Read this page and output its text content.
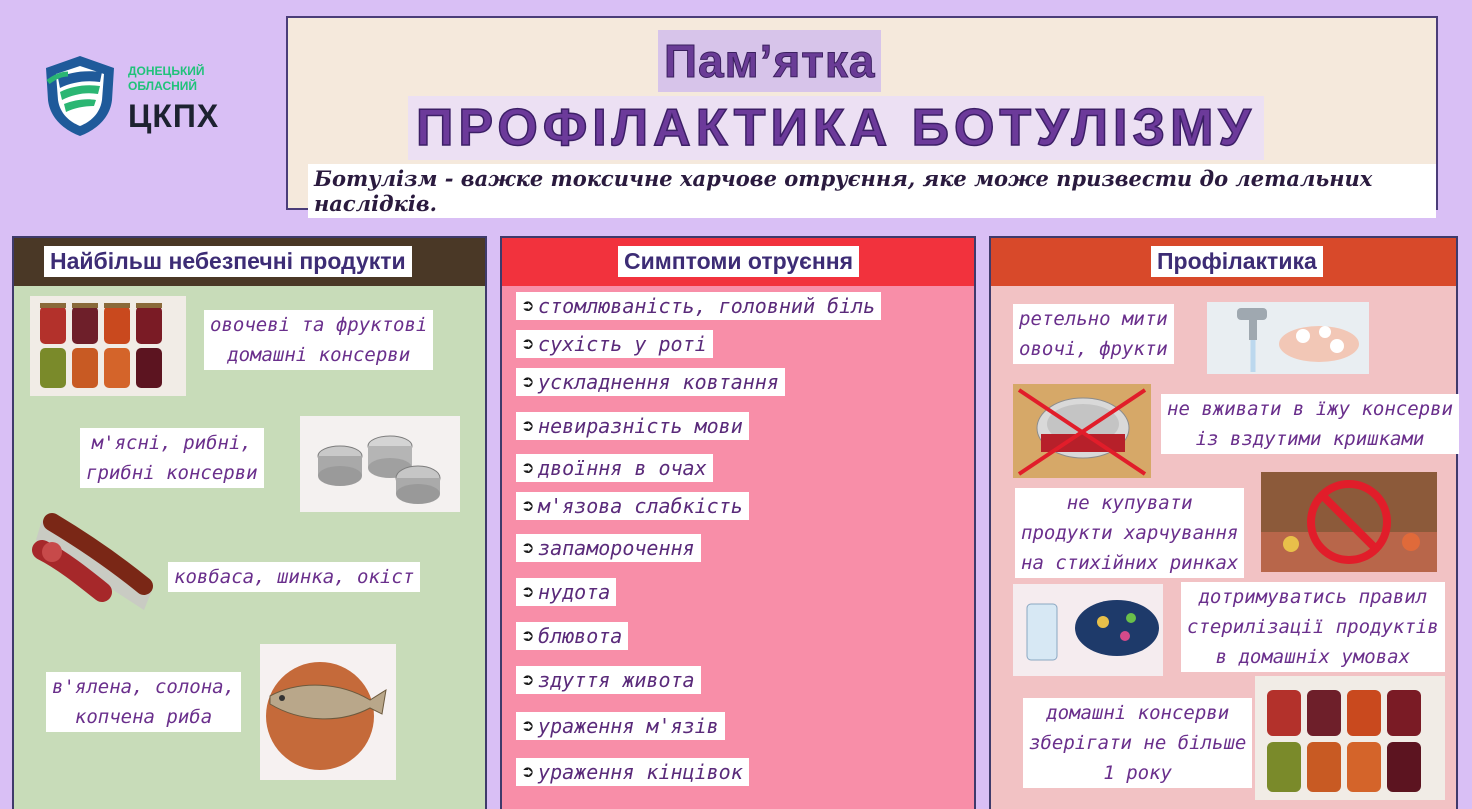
ДОНЕЦЬКИЙ
ОБЛАСНИЙ
ЦКПХ
Пам’ятка
ПРОФІЛАКТИКА БОТУЛІЗМУ
Ботулізм - важке токсичне харчове отруєння, яке може призвести до летальних наслідків.
Найбільш небезпечні продукти
овочеві та фруктові
домашні консерви
м'ясні, рибні,
грибні консерви
ковбаса, шинка, окіст
в'ялена, солона,
копчена риба
Симптоми отруєння
➲ стомлюваність, головний біль
➲ сухість у роті
➲ ускладнення ковтання
➲ невиразність мови
➲ двоїння в очах
➲ м'язова слабкість
➲ запаморочення
➲ нудота
➲ блювота
➲ здуття живота
➲ ураження м'язів
➲ ураження кінцівок
Профілактика
ретельно мити
овочі, фрукти
не вживати в їжу консерви
із вздутими кришками
не купувати
продукти харчування
на стихійних ринках
дотримуватись правил
стерилізації продуктів
в домашніх умовах
домашні консерви
зберігати не більше
1 року
